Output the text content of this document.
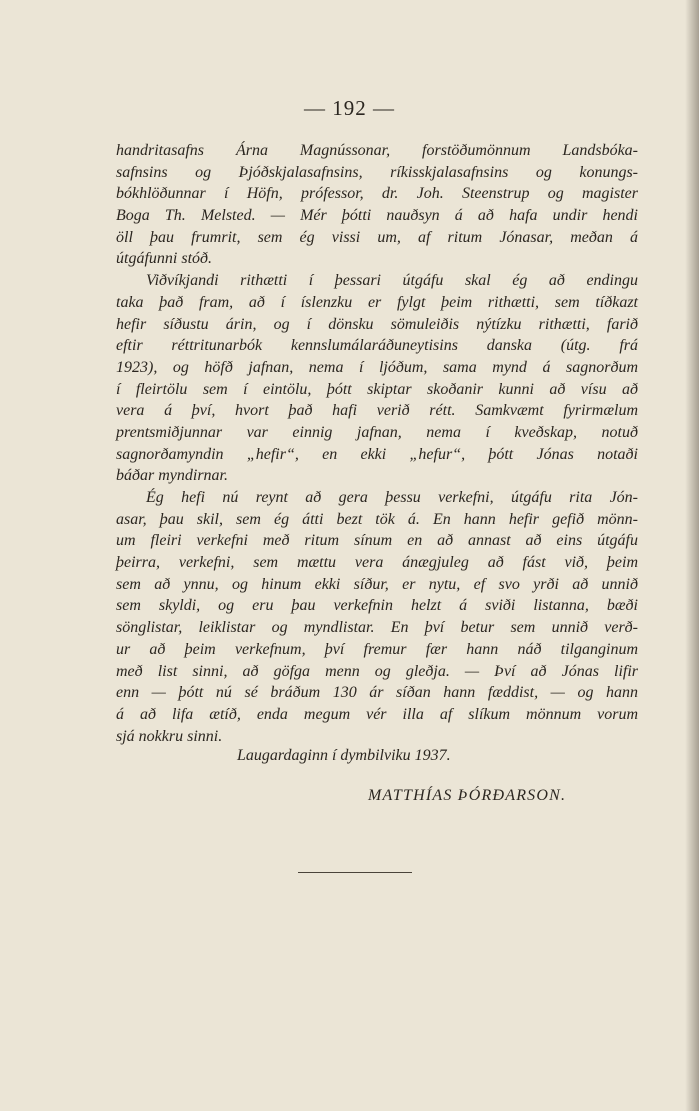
— 192 —
handritasafns Árna Magnússonar, forstöðumönnum Landsbóka-
safnsins og Þjóðskjalasafnsins, ríkisskjalasafnsins og konungs-
bókhlöðunnar í Höfn, prófessor, dr. Joh. Steenstrup og magister
Boga Th. Melsted. — Mér þótti nauðsyn á að hafa undir hendi
öll þau frumrit, sem ég vissi um, af ritum Jónasar, meðan á
útgáfunni stóð.
Viðvíkjandi rithætti í þessari útgáfu skal ég að endingu
taka það fram, að í íslenzku er fylgt þeim rithætti, sem tíðkazt
hefir síðustu árin, og í dönsku sömuleiðis nýtízku rithætti, farið
eftir réttritunarbók kennslumálaráðuneytisins danska (útg. frá
1923), og höfð jafnan, nema í ljóðum, sama mynd á sagnorðum
í fleirtölu sem í eintölu, þótt skiptar skoðanir kunni að vísu að
vera á því, hvort það hafi verið rétt. Samkvæmt fyrirmælum
prentsmiðjunnar var einnig jafnan, nema í kveðskap, notuð
sagnorðamyndin „hefir“, en ekki „hefur“, þótt Jónas notaði
báðar myndirnar.
Ég hefi nú reynt að gera þessu verkefni, útgáfu rita Jón-
asar, þau skil, sem ég átti bezt tök á. En hann hefir gefið mönn-
um fleiri verkefni með ritum sínum en að annast að eins útgáfu
þeirra, verkefni, sem mættu vera ánægjuleg að fást við, þeim
sem að ynnu, og hinum ekki síður, er nytu, ef svo yrði að unnið
sem skyldi, og eru þau verkefnin helzt á sviði listanna, bæði
sönglistar, leiklistar og myndlistar. En því betur sem unnið verð-
ur að þeim verkefnum, því fremur fær hann náð tilganginum
með list sinni, að göfga menn og gleðja. — Því að Jónas lifir
enn — þótt nú sé bráðum 130 ár síðan hann fæddist, — og hann
á að lifa ætíð, enda megum vér illa af slíkum mönnum vorum
sjá nokkru sinni.
Laugardaginn í dymbilviku 1937.
MATTHÍAS ÞÓRÐARSON.
